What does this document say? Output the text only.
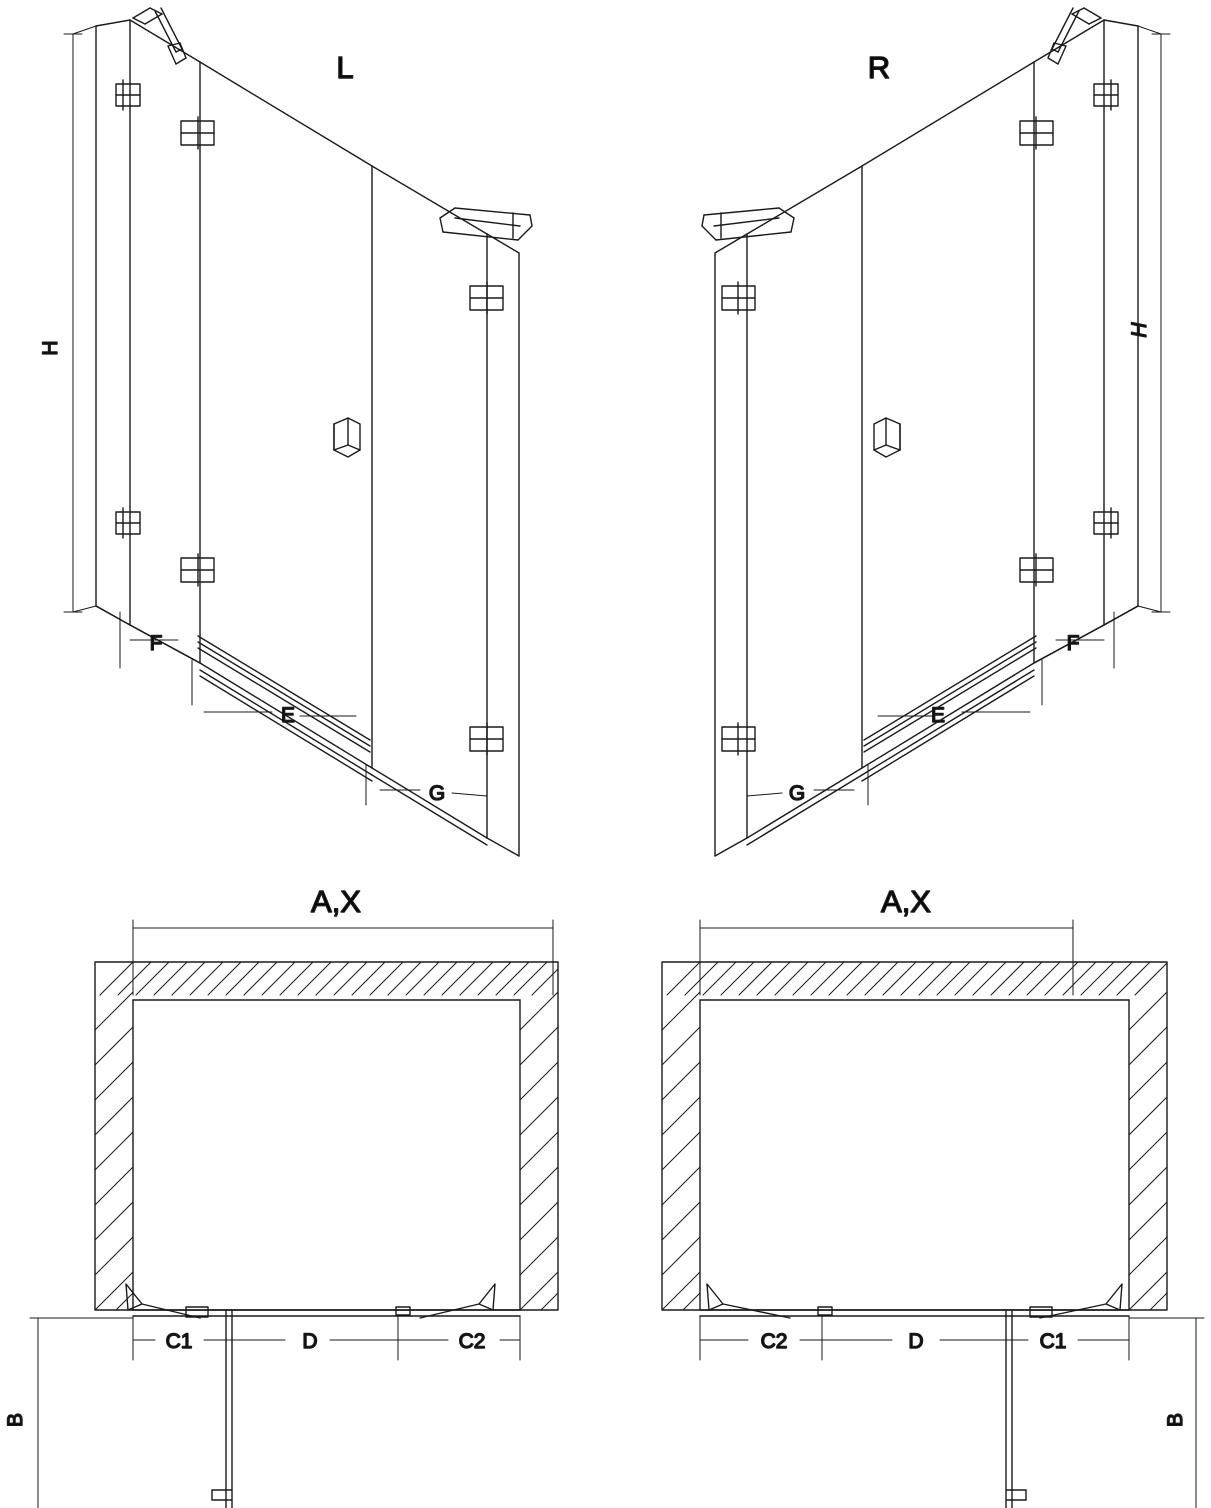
L
H
F
E
G
R
H
F
E
G
A,X
C1	D	C2
B
A,X
C2	D	C1
B
